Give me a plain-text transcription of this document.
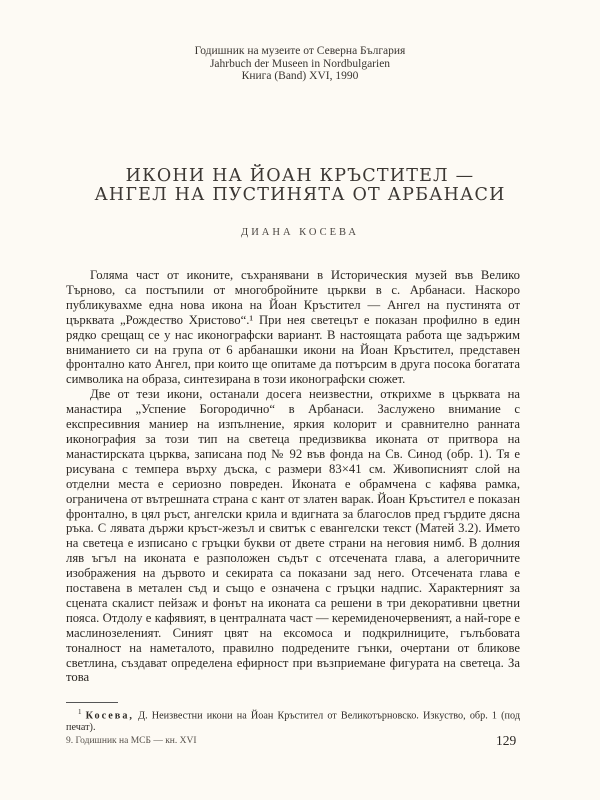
Годишник на музеите от Северна България
Jahrbuch der Museen in Nordbulgarien
Книга (Band) XVI, 1990
ИКОНИ НА ЙОАН КРЪСТИТЕЛ —
АНГЕЛ НА ПУСТИНЯТА ОТ АРБАНАСИ
ДИАНА КОСЕВА

Голяма част от иконите, съхранявани в Историческия музей във Велико Търново, са постъпили от многобройните църкви в с. Арбанаси. Наскоро публикувахме една нова икона на Йоан Кръстител — Ангел на пустинята от църквата „Рождество Христово“.¹ При нея светецът е показан профилно в един рядко срещащ се у нас иконографски вариант. В настоящата работа ще задържим вниманието си на група от 6 арбанашки икони на Йоан Кръстител, представен фронтално като Ангел, при които ще опитаме да потърсим в друга посока богатата символика на образа, синтезирана в този иконографски сюжет.

Две от тези икони, останали досега неизвестни, открихме в църквата на манастира „Успение Богородично“ в Арбанаси. Заслужено внимание с експресивния маниер на изпълнение, яркия колорит и сравнително ранната иконография за този тип на светеца предизвиква иконата от притвора на манастирската църква, записана под № 92 във фонда на Св. Синод (обр. 1). Тя е рисувана с темпера върху дъска, с размери 83×41 см. Живописният слой на отделни места е сериозно повреден. Иконата е обрамчена с кафява рамка, ограничена от вътрешната страна с кант от златен варак. Йоан Кръстител е показан фронтално, в цял ръст, ангелски крила и вдигната за благослов пред гърдите дясна ръка. С лявата държи кръст-жезъл и свитък с евангелски текст (Матей 3.2). Името на светеца е изписано с гръцки букви от двете страни на неговия нимб. В долния ляв ъгъл на иконата е разположен съдът с отсечената глава, а алегоричните изображения на дървото и секирата са показани зад него. Отсечената глава е поставена в метален съд и също е означена с гръцки надпис. Характерният за сцената скалист пейзаж и фонът на иконата са решени в три декоративни цветни пояса. Отдолу е кафявият, в централната част — керемиденочервеният, а най-горе е маслинозеленият. Синият цвят на ексомоса и подкрилниците, гълъбовата тоналност на наметалото, правилно подредените гънки, очертани от бликове светлина, създават определена ефирност при възприемане фигурата на светеца. За това

$^1$ Косева, Д. Неизвестни икони на Йоан Кръстител от Великотърновско. Изкуство, обр. 1 (под печат).
9. Годишник на МСБ — кн. XVI	129
